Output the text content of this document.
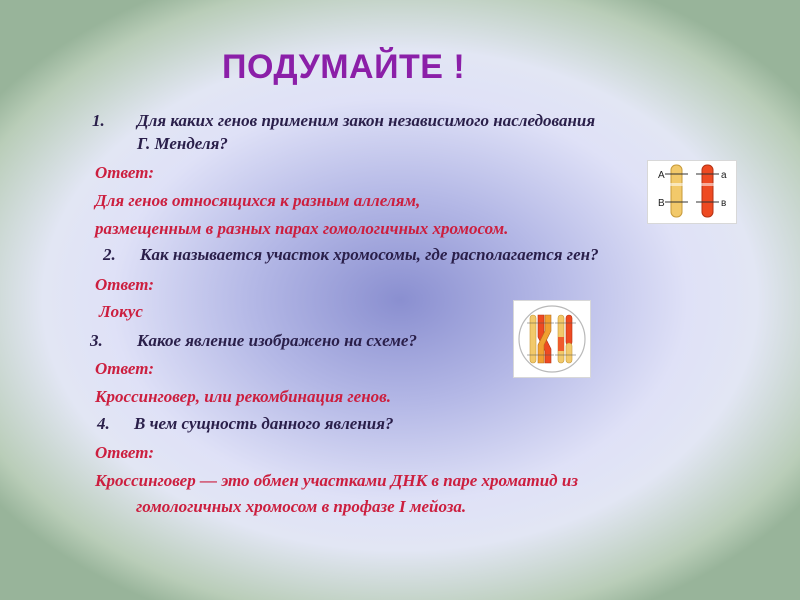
ПОДУМАЙТЕ !
1. Для каких генов применим закон независимого наследования
Г. Менделя?
Ответ:
Для генов относящихся к разным аллелям,
размещенным в разных парах гомологичных хромосом.
2. Как называется участок хромосомы, где располагается ген?
Ответ:
Локус
3. Какое явление изображено на схеме?
Ответ:
Кроссинговер, или рекомбинация генов.
4. В чем сущность данного явления?
Ответ:
Кроссинговер — это обмен участками ДНК в паре хроматид из
гомологичных хромосом в профазе I мейоза.
A
B
a
в
